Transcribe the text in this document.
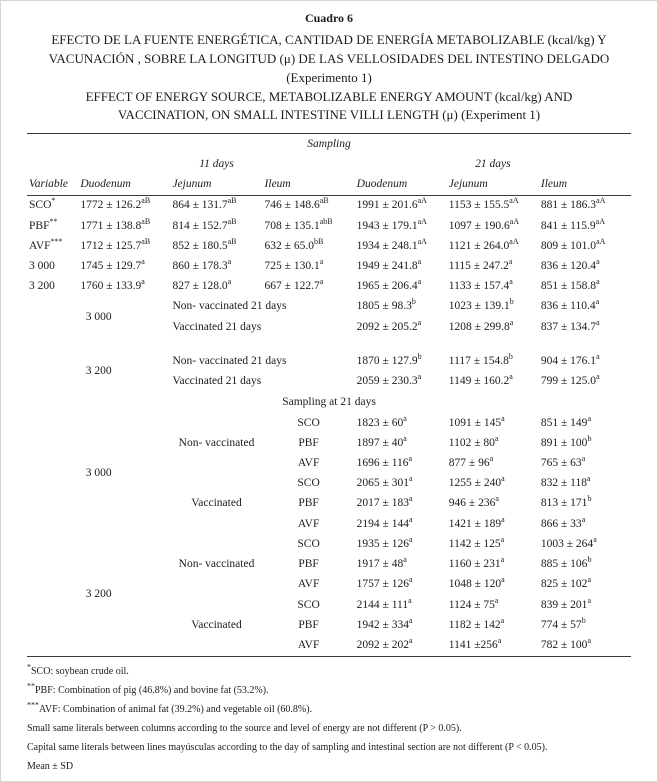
Cuadro 6
EFECTO DE LA FUENTE ENERGÉTICA, CANTIDAD DE ENERGÍA METABOLIZABLE (kcal/kg) Y
VACUNACIÓN , SOBRE LA LONGITUD (μ) DE LAS VELLOSIDADES DEL INTESTINO DELGADO
(Experimento 1)
EFFECT OF ENERGY SOURCE, METABOLIZABLE ENERGY AMOUNT (kcal/kg) AND
VACCINATION, ON SMALL INTESTINE VILLI LENGTH (μ) (Experiment 1)
Sampling						
	11 days			21 days		
Variable	Duodenum	Jejunum	Ileum	Duodenum	Jejunum	Ileum
SCO*	$1772 \pm 126.2^{aB}$	$864 \pm 131.7^{aB}$	$746 \pm 148.6^{aB}$	$1991 \pm 201.6^{aA}$	$1153 \pm 155.5^{aA}$	$881 \pm 186.3^{aA}$
PBF**	$1771 \pm 138.8^{aB}$	$814 \pm 152.7^{aB}$	$708 \pm 135.1^{abB}$	$1943 \pm 179.1^{aA}$	$1097 \pm 190.6^{aA}$	$841 \pm 115.9^{aA}$
AVF***	$1712 \pm 125.7^{aB}$	$852 \pm 180.5^{aB}$	$632 \pm 65.0^{bB}$	$1934 \pm 248.1^{aA}$	$1121 \pm 264.0^{aA}$	$809 \pm 101.0^{aA}$
3 000	1745 ± 129.7$^a$	860 ± 178.3$^a$	725 ± 130.1$^a$	1949 ± 241.8$^a$	1115 ± 247.2$^a$	836 ± 120.4$^a$
3 200	1760 ± 133.9$^a$	827 ± 128.0$^a$	667 ± 122.7$^a$	1965 ± 206.4$^a$	1133 ± 157.4$^a$	851 ± 158.8$^a$
3 000		Non- vaccinated 21 days		1805 ± 98.3$^b$	1023 ± 139.1$^b$	836 ± 110.4$^a$
		Vaccinated 21 days		2092 ± 205.2$^a$	1208 ± 299.8$^a$	837 ± 134.7$^a$

3 200		Non- vaccinated 21 days		1870 ± 127.9$^b$	1117 ± 154.8$^b$	904 ± 176.1$^a$
		Vaccinated 21 days		2059 ± 230.3$^a$	1149 ± 160.2$^a$	799 ± 125.0$^a$
Sampling at 21 days						
3 000		Non- vaccinated	SCO	$1823 \pm 60^a$	$1091 \pm 145^a$	$851 \pm 149^a$
			PBF	$1897 \pm 40^a$	$1102 \pm 80^a$	$891 \pm 100^b$
			AVF	$1696 \pm 116^a$	$877 \pm 96^a$	$765 \pm 63^a$
		Vaccinated	SCO	$2065 \pm 301^a$	$1255 \pm 240^a$	$832 \pm 118^a$
			PBF	$2017 \pm 183^a$	$946 \pm 236^a$	$813 \pm 171^b$
			AVF	$2194 \pm 144^a$	$1421 \pm 189^a$	$866 \pm 33^a$
3 200		Non- vaccinated	SCO	$1935 \pm 126^a$	$1142 \pm 125^a$	$1003 \pm 264^a$
			PBF	$1917 \pm 48^a$	$1160 \pm 231^a$	$885 \pm 106^b$
			AVF	$1757 \pm 126^a$	$1048 \pm 120^a$	$825 \pm 102^a$
		Vaccinated	SCO	$2144 \pm 111^a$	$1124 \pm 75^a$	$839 \pm 201^a$
			PBF	$1942 \pm 334^a$	$1182 \pm 142^a$	$774 \pm 57^b$
			AVF	$2092 \pm 202^a$	$1141 \pm 256^a$	$782 \pm 100^a$

*SCO: soybean crude oil.

**PBF: Combination of pig (46.8%) and bovine fat (53.2%).

***AVF: Combination of animal fat (39.2%) and vegetable oil (60.8%).

Small same literals between columns according to the source and level of energy are not different (P > 0.05).

Capital same literals between lines mayúsculas according to the day of sampling and intestinal section are not different (P < 0.05).

Mean ± SD
